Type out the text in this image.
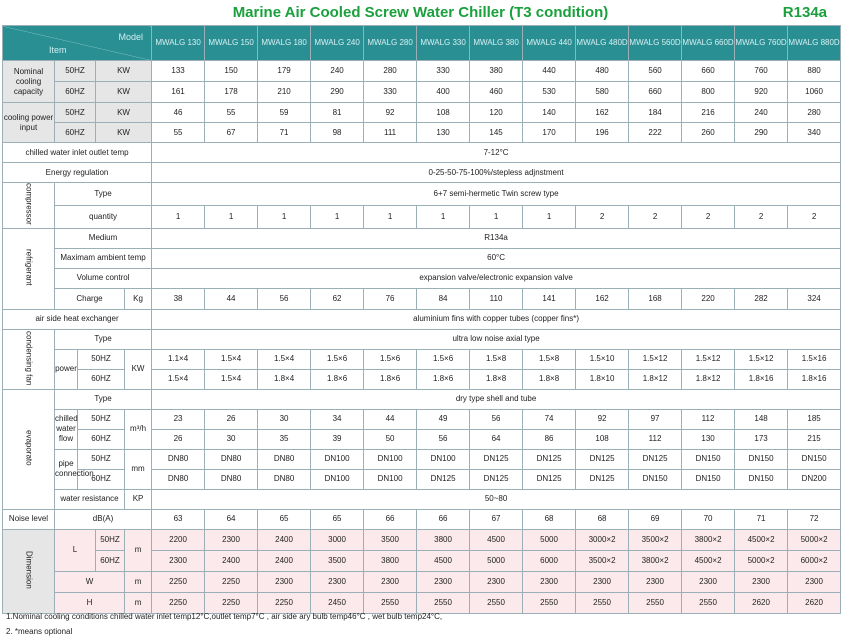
Marine Air Cooled Screw Water Chiller (T3 condition)	R134a
Model
Item					MWALG 130	MWALG 150	MWALG 180	MWALG 240	MWALG 280	MWALG 330	MWALG 380	MWALG 440	MWALG 480D	MWALG 560D	MWALG 660D	MWALG 760D	MWALG 880D
Nominal cooling capacity	50HZ		KW		133	150	179	240	280	330	380	440	480	560	660	760	880
	60HZ		KW		161	178	210	290	330	400	460	530	580	660	800	920	1060
cooling power input	50HZ		KW		46	55	59	81	92	108	120	140	162	184	216	240	280
	60HZ		KW		55	67	71	98	111	130	145	170	196	222	260	290	340
chilled water inlet outlet temp					7-12°C												
Energy regulation					0-25-50-75-100%/stepless adjnstment												
compressor	Type				6+7 semi-hermetic Twin screw type												
	quantity				1	1	1	1	1	1	1	1	2	2	2	2	2
refrigerant	Medium				R134a												
	Maximam ambient temp				60°C												
	Volume control				expansion valve/electronic expansion valve												
	Charge			Kg	38	44	56	62	76	84	110	141	162	168	220	282	324
air side heat exchanger					aluminium fins with copper tubes (copper fins*)												
condensing fan	Type				ultra low noise axial type												
	power	50HZ		KW	1.1×4	1.5×4	1.5×4	1.5×6	1.5×6	1.5×6	1.5×8	1.5×8	1.5×10	1.5×12	1.5×12	1.5×12	1.5×16
		60HZ			1.5×4	1.5×4	1.8×4	1.8×6	1.8×6	1.8×6	1.8×8	1.8×8	1.8×10	1.8×12	1.8×12	1.8×16	1.8×16
evaporato	Type				dry type shell and tube												
	chilled water flow	50HZ		m³/h	23	26	30	34	44	49	56	74	92	97	112	148	185
		60HZ			26	30	35	39	50	56	64	86	108	112	130	173	215
	pipe connection	50HZ		mm	DN80	DN80	DN80	DN100	DN100	DN100	DN125	DN125	DN125	DN125	DN150	DN150	DN150
		60HZ			DN80	DN80	DN80	DN100	DN100	DN125	DN125	DN125	DN125	DN150	DN150	DN150	DN200
	water resistance			KP	50~80												
Noise level	dB(A)				63	64	65	65	66	66	67	68	68	69	70	71	72
Dimension	L		50HZ	m	2200	2300	2400	3000	3500	3800	4500	5000	3000×2	3500×2	3800×2	4500×2	5000×2
			60HZ		2300	2400	2400	3500	3800	4500	5000	6000	3500×2	3800×2	4500×2	5000×2	6000×2
	W			m	2250	2250	2300	2300	2300	2300	2300	2300	2300	2300	2300	2300	2300
	H			m	2250	2250	2250	2450	2550	2550	2550	2550	2550	2550	2550	2620	2620
1.Nominal cooling conditions chilled water inlet temp12°C,outlet temp7°C , air side ary bulb temp46°C , wet bulb temp24°C,
2. *means optional
